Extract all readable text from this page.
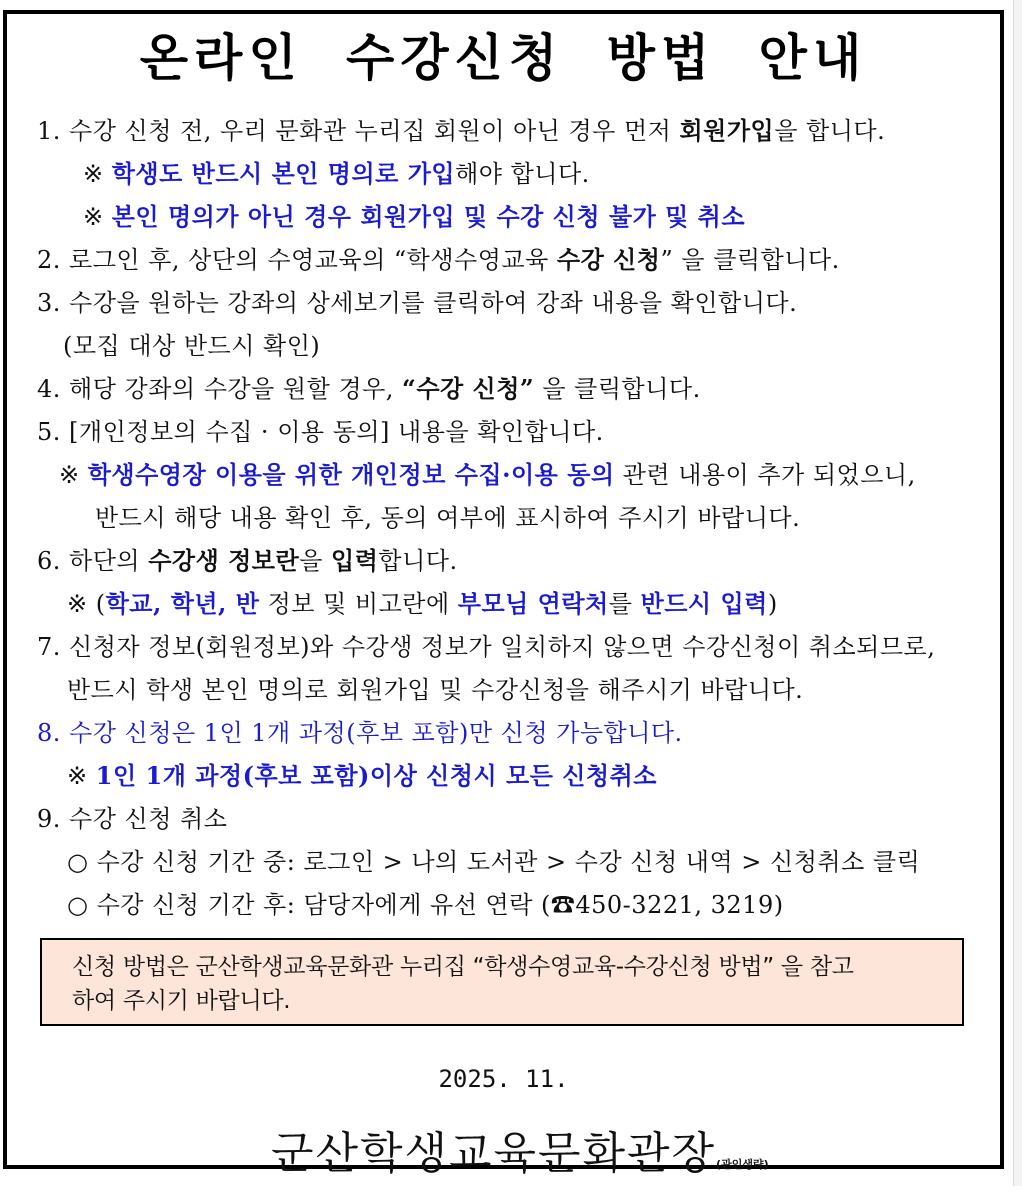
온라인 수강신청 방법 안내
1. 수강 신청 전, 우리 문화관 누리집 회원이 아닌 경우 먼저 회원가입을 합니다.
※ 학생도 반드시 본인 명의로 가입해야 합니다.
※ 본인 명의가 아닌 경우 회원가입 및 수강 신청 불가 및 취소
2. 로그인 후, 상단의 수영교육의 “학생수영교육 수강 신청” 을 클릭합니다.
3. 수강을 원하는 강좌의 상세보기를 클릭하여 강좌 내용을 확인합니다.
(모집 대상 반드시 확인)
4. 해당 강좌의 수강을 원할 경우, “수강 신청” 을 클릭합니다.
5. [개인정보의 수집 · 이용 동의] 내용을 확인합니다.
※ 학생수영장 이용을 위한 개인정보 수집·이용 동의 관련 내용이 추가 되었으니,
반드시 해당 내용 확인 후, 동의 여부에 표시하여 주시기 바랍니다.
6. 하단의 수강생 정보란을 입력합니다.
※ (학교, 학년, 반 정보 및 비고란에 부모님 연락처를 반드시 입력)
7. 신청자 정보(회원정보)와 수강생 정보가 일치하지 않으면 수강신청이 취소되므로,
반드시 학생 본인 명의로 회원가입 및 수강신청을 해주시기 바랍니다.
8. 수강 신청은 1인 1개 과정(후보 포함)만 신청 가능합니다.
※ 1인 1개 과정(후보 포함)이상 신청시 모든 신청취소
9. 수강 신청 취소
○ 수강 신청 기간 중: 로그인 > 나의 도서관 > 수강 신청 내역 > 신청취소 클릭
○ 수강 신청 기간 후: 담당자에게 유선 연락 (☎450-3221, 3219)
신청 방법은 군산학생교육문화관 누리집 “학생수영교육-수강신청 방법” 을 참고
하여 주시기 바랍니다.
2025. 11.
군산학생교육문화관장(관인생략)
